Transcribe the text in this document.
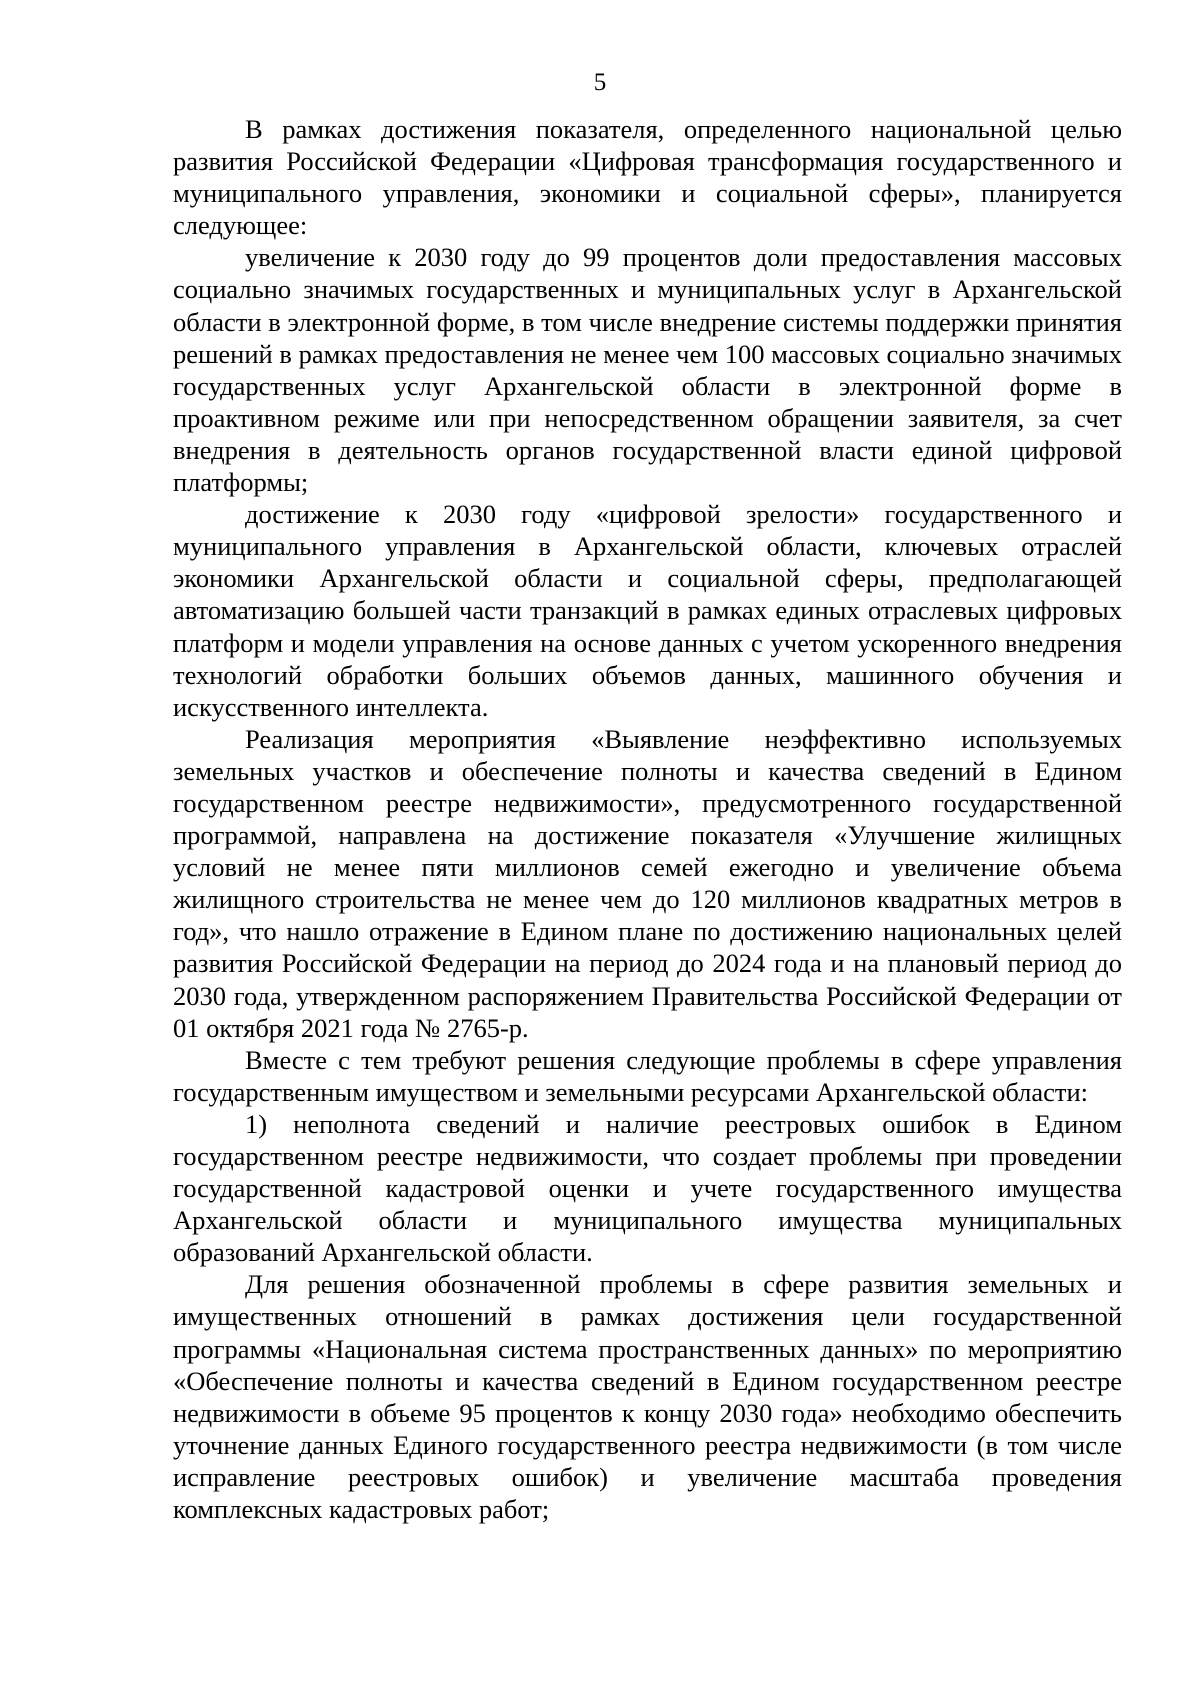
5

В рамках достижения показателя, определенного национальной целью развития Российской Федерации «Цифровая трансформация государственного и муниципального управления, экономики и социальной сферы», планируется следующее:

увеличение к 2030 году до 99 процентов доли предоставления массовых социально значимых государственных и муниципальных услуг в Архангельской области в электронной форме, в том числе внедрение системы поддержки принятия решений в рамках предоставления не менее чем 100 массовых социально значимых государственных услуг Архангельской области в электронной форме в проактивном режиме или при непосредственном обращении заявителя, за счет внедрения в деятельность органов государственной власти единой цифровой платформы;

достижение к 2030 году «цифровой зрелости» государственного и муниципального управления в Архангельской области, ключевых отраслей экономики Архангельской области и социальной сферы, предполагающей автоматизацию большей части транзакций в рамках единых отраслевых цифровых платформ и модели управления на основе данных с учетом ускоренного внедрения технологий обработки больших объемов данных, машинного обучения и искусственного интеллекта.

Реализация мероприятия «Выявление неэффективно используемых земельных участков и обеспечение полноты и качества сведений в Едином государственном реестре недвижимости», предусмотренного государственной программой, направлена на достижение показателя «Улучшение жилищных условий не менее пяти миллионов семей ежегодно и увеличение объема жилищного строительства не менее чем до 120 миллионов квадратных метров в год», что нашло отражение в Едином плане по достижению национальных целей развития Российской Федерации на период до 2024 года и на плановый период до 2030 года, утвержденном распоряжением Правительства Российской Федерации от 01 октября 2021 года № 2765-р.

Вместе с тем требуют решения следующие проблемы в сфере управления государственным имуществом и земельными ресурсами Архангельской области:

1) неполнота сведений и наличие реестровых ошибок в Едином государственном реестре недвижимости, что создает проблемы при проведении государственной кадастровой оценки и учете государственного имущества Архангельской области и муниципального имущества муниципальных образований Архангельской области.

Для решения обозначенной проблемы в сфере развития земельных и имущественных отношений в рамках достижения цели государственной программы «Национальная система пространственных данных» по мероприятию «Обеспечение полноты и качества сведений в Едином государственном реестре недвижимости в объеме 95 процентов к концу 2030 года» необходимо обеспечить уточнение данных Единого государственного реестра недвижимости (в том числе исправление реестровых ошибок) и увеличение масштаба проведения комплексных кадастровых работ;
